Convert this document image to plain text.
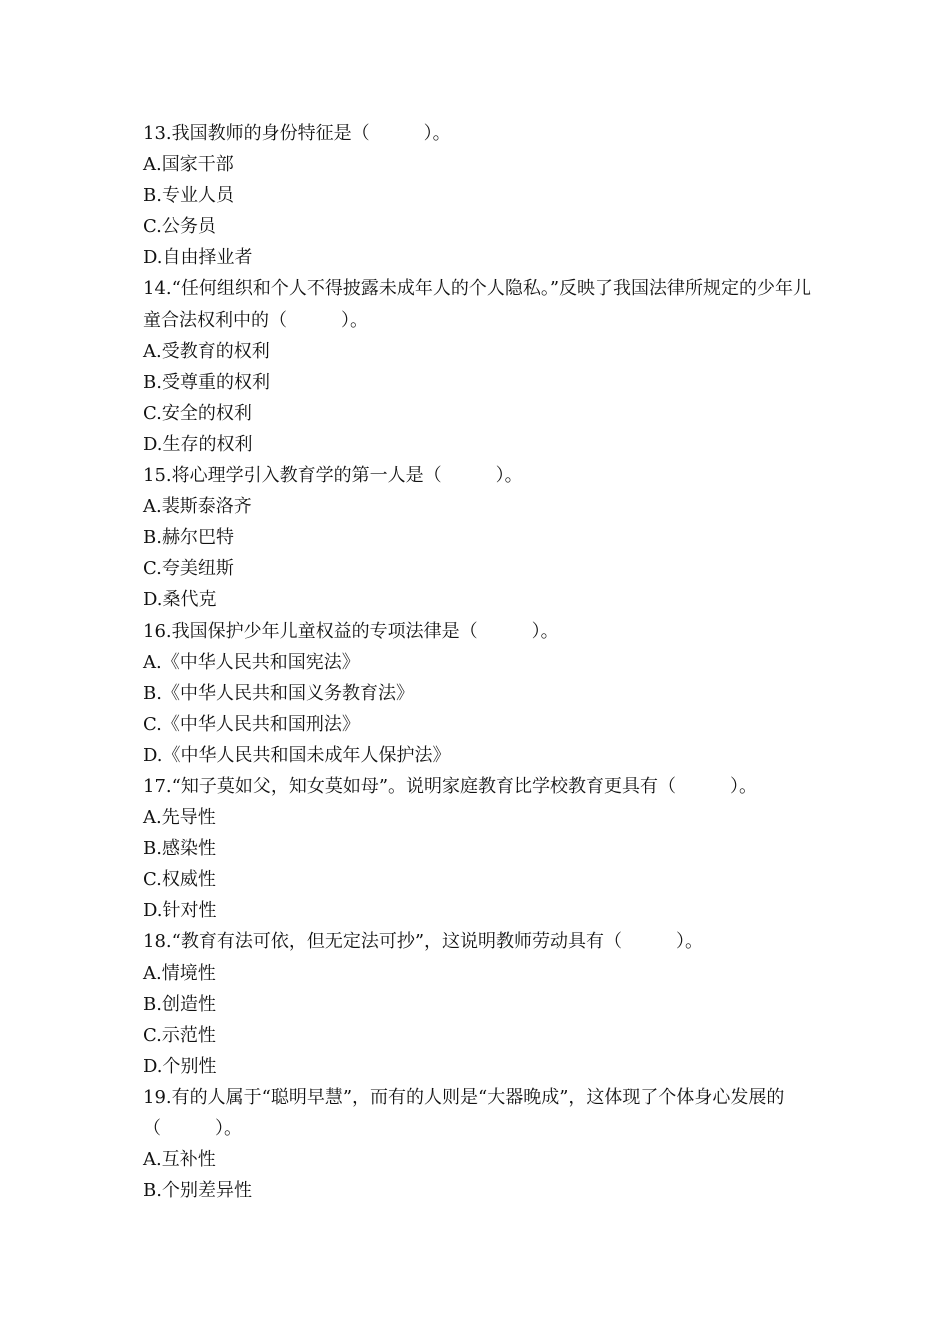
13.我国教师的身份特征是（　　　）。
A.国家干部
B.专业人员
C.公务员
D.自由择业者
14.“任何组织和个人不得披露未成年人的个人隐私。”反映了我国法律所规定的少年儿童合法权利中的（　　　）。
A.受教育的权利
B.受尊重的权利
C.安全的权利
D.生存的权利
15.将心理学引入教育学的第一人是（　　　）。
A.裴斯泰洛齐
B.赫尔巴特
C.夸美纽斯
D.桑代克
16.我国保护少年儿童权益的专项法律是（　　　）。
A.《中华人民共和国宪法》
B.《中华人民共和国义务教育法》
C.《中华人民共和国刑法》
D.《中华人民共和国未成年人保护法》
17.“知子莫如父，知女莫如母”。说明家庭教育比学校教育更具有（　　　）。
A.先导性
B.感染性
C.权威性
D.针对性
18.“教育有法可依，但无定法可抄”，这说明教师劳动具有（　　　）。
A.情境性
B.创造性
C.示范性
D.个别性
19.有的人属于“聪明早慧”，而有的人则是“大器晚成”，这体现了个体身心发展的（　　　）。
A.互补性
B.个别差异性
